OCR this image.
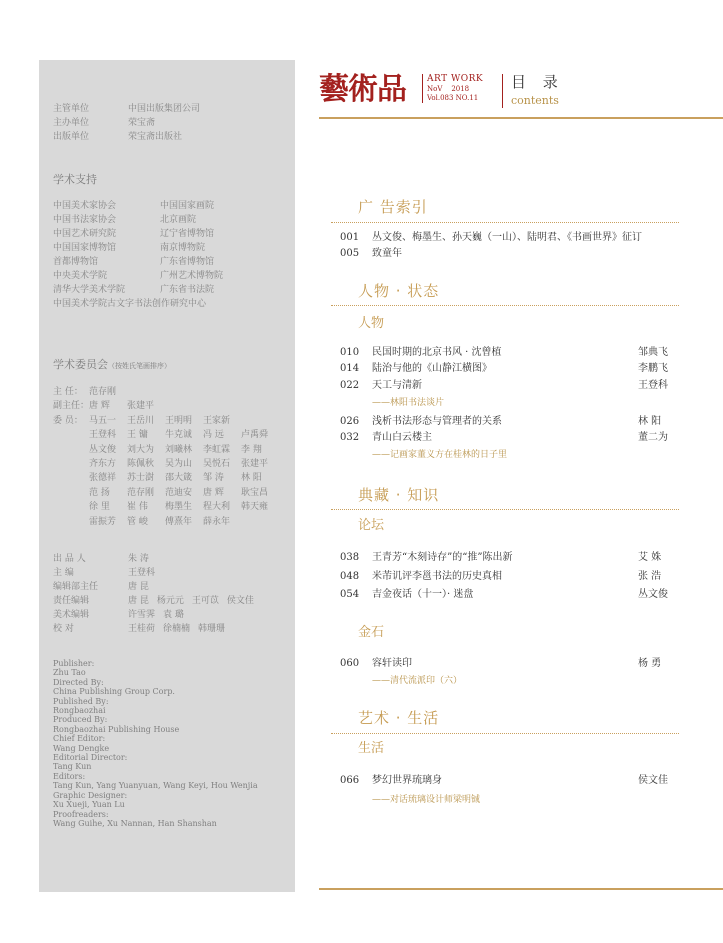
主管单位	中国出版集团公司
主办单位	荣宝斋
出版单位	荣宝斋出版社
学术支持
中国美术家协会	中国国家画院
中国书法家协会	北京画院
中国艺术研究院	辽宁省博物馆
中国国家博物馆	南京博物院
首都博物馆	广东省博物馆
中央美术学院	广州艺术博物院
清华大学美术学院	广东省书法院
中国美术学院古文字书法创作研究中心
学术委员会（按姓氏笔画排序）
主 任： 范存刚
副主任： 唐 辉	张建平
委 员： 马五一	王岳川	王明明	王家新
王登科	王 镛	牛克诚	冯 远	卢禹舜
丛文俊	刘大为	刘曦林	李虹霖	李 翔
齐东方	陈佩秋	吴为山	吴悦石	张建平
张德祥	苏士澍	邵大箴	邹 涛	林 阳
范 扬	范存刚	范迪安	唐 辉	耿宝昌
徐 里	崔 伟	梅墨生	程大利	韩天雍
雷振芳	管 峻	傅熹年	薛永年
出 品 人	朱 涛
主 编	王登科
编辑部主任	唐 昆
责任编辑	唐 昆 杨元元 王可苡 侯文佳
美术编辑	许雪霁 袁 璐
校 对	王桂荷 徐楠楠 韩珊珊
Publisher:
Zhu Tao
Directed By:
China Publishing Group Corp.
Published By:
Rongbaozhai
Produced By:
Rongbaozhai Publishing House
Chief Editor:
Wang Dengke
Editorial Director:
Tang Kun
Editors:
Tang Kun, Yang Yuanyuan, Wang Keyi, Hou Wenjia
Graphic Designer:
Xu Xueji, Yuan Lu
Proofreaders:
Wang Guihe, Xu Nannan, Han Shanshan
藝術品 ART WORK
NoV 2018
Vol.083 NO.11
目 录
contents
广 告索引
001 丛文俊、梅墨生、孙天巍（一山）、陆明君、《书画世界》征订
005 致童年
人物 · 状态
人物
010 民国时期的北京书风 · 沈曾植	邹典飞
014 陆治与他的《山静江横图》	李鹏飞
022 天工与清新	王登科
——林阳书法谈片
026 浅析书法形态与管理者的关系	林 阳
032 青山白云楼主	董二为
——记画家董义方在桂林的日子里
典藏 · 知识
论坛
038 王青芳“木刻诗存”的“推”陈出新	艾 姝
048 米芾讥评李邕书法的历史真相	张 浩
054 吉金夜话（十一）· 迷盘	丛文俊
金石
060 容轩读印	杨 勇
——清代流派印（六）
艺术 · 生活
生活
066 梦幻世界琉璃身	侯文佳
——对话琉璃设计师梁明铖
